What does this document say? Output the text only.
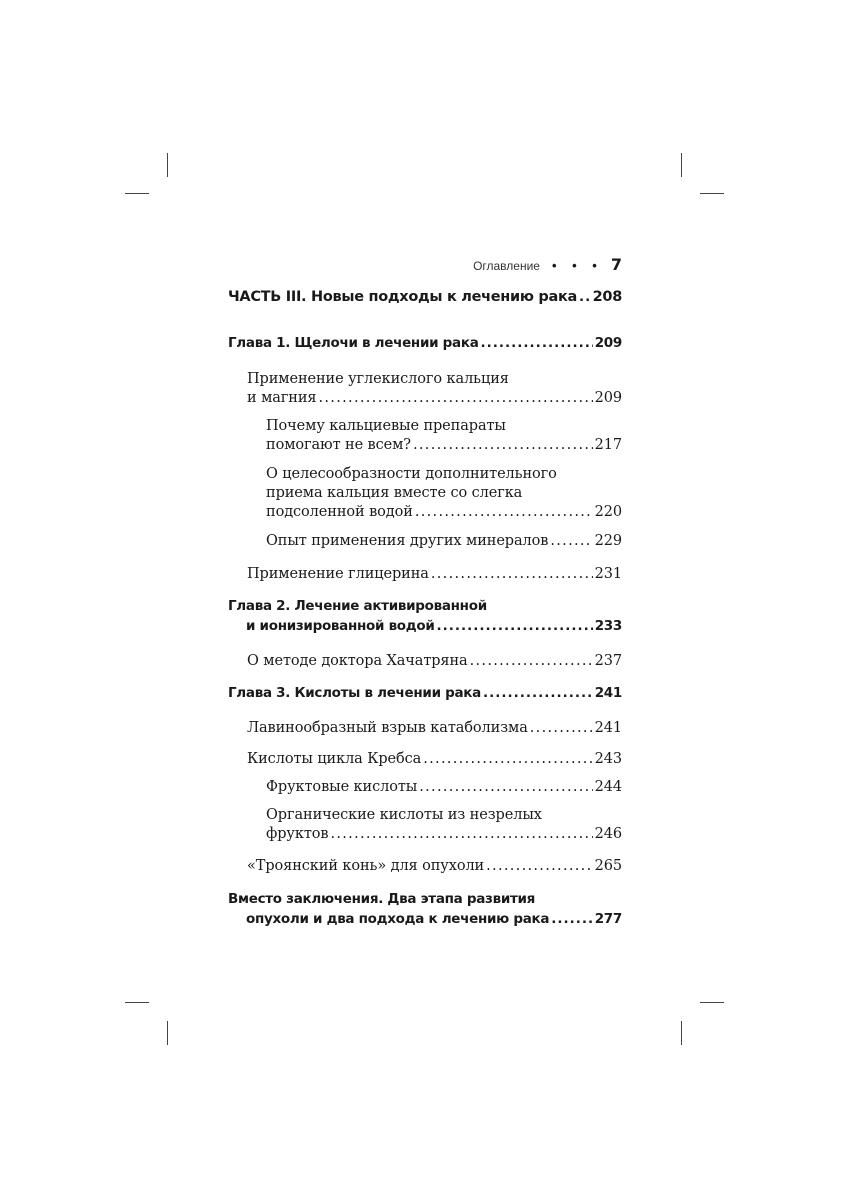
Оглавление • • • 7
ЧАСТЬ III. Новые подходы к лечению рака ..... 208
Глава 1. Щелочи в лечении рака .....	209
Применение углекислого кальция
и магния .....	209
Почему кальциевые препараты
помогают не всем? .....	217
О целесообразности дополнительного
приема кальция вместе со слегка
подсоленной водой .....	220
Опыт применения других минералов .....	229
Применение глицерина .....	231
Глава 2. Лечение активированной
и ионизированной водой .....	233
О методе доктора Хачатряна .....	237
Глава 3. Кислоты в лечении рака .....	241
Лавинообразный взрыв катаболизма .....	241
Кислоты цикла Кребса .....	243
Фруктовые кислоты .....	244
Органические кислоты из незрелых
фруктов .....	246
«Троянский конь» для опухоли .....	265
Вместо заключения. Два этапа развития
опухоли и два подхода к лечению рака .....	277
